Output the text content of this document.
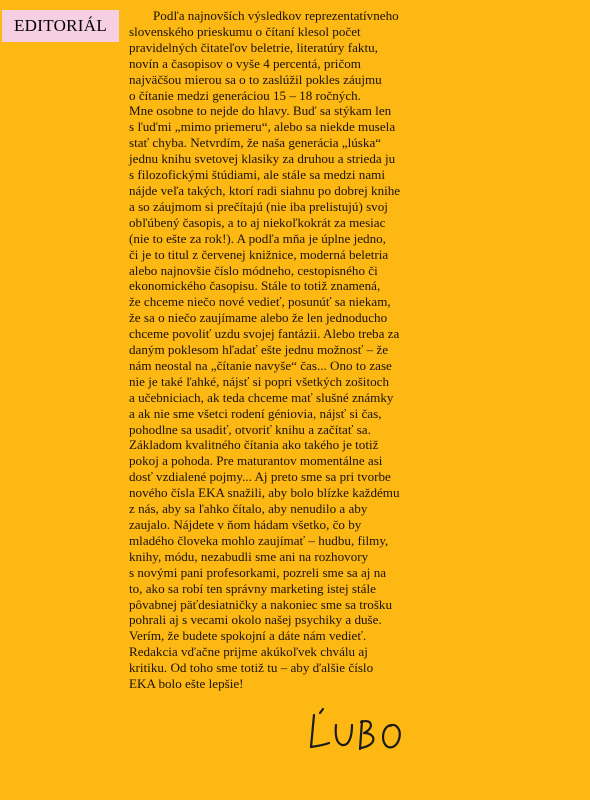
EDITORIÁL
Podľa najnovších výsledkov reprezentatívneho
slovenského prieskumu o čítaní klesol počet
pravidelných čitateľov beletrie, literatúry faktu,
novín a časopisov o vyše 4 percentá, pričom
najväčšou mierou sa o to zaslúžil pokles záujmu
o čítanie medzi generáciou 15 – 18 ročných.
Mne osobne to nejde do hlavy. Buď sa stýkam len
s ľuďmi „mimo priemeru“, alebo sa niekde musela
stať chyba. Netvrdím, že naša generácia „lúska“
jednu knihu svetovej klasiky za druhou a strieda ju
s filozofickými štúdiami, ale stále sa medzi nami
nájde veľa takých, ktorí radi siahnu po dobrej knihe
a so záujmom si prečítajú (nie iba prelistujú) svoj
obľúbený časopis, a to aj niekoľkokrát za mesiac
(nie to ešte za rok!). A podľa mňa je úplne jedno,
či je to titul z červenej knižnice, moderná beletria
alebo najnovšie číslo módneho, cestopisného či
ekonomického časopisu. Stále to totiž znamená,
že chceme niečo nové vedieť, posunúť sa niekam,
že sa o niečo zaujímame alebo že len jednoducho
chceme povoliť uzdu svojej fantázii. Alebo treba za
daným poklesom hľadať ešte jednu možnosť – že
nám neostal na „čítanie navyše“ čas... Ono to zase
nie je také ľahké, nájsť si popri všetkých zošitoch
a učebniciach, ak teda chceme mať slušné známky
a ak nie sme všetci rodení géniovia, nájsť si čas,
pohodlne sa usadiť, otvoriť knihu a začítať sa.
Základom kvalitného čítania ako takého je totiž
pokoj a pohoda. Pre maturantov momentálne asi
dosť vzdialené pojmy... Aj preto sme sa pri tvorbe
nového čísla EKA snažili, aby bolo blízke každému
z nás, aby sa ľahko čítalo, aby nenudilo a aby
zaujalo. Nájdete v ňom hádam všetko, čo by
mladého človeka mohlo zaujímať – hudbu, filmy,
knihy, módu, nezabudli sme ani na rozhovory
s novými pani profesorkami, pozreli sme sa aj na
to, ako sa robí ten správny marketing istej stále
pôvabnej päťdesiatničky a nakoniec sme sa trošku
pohrali aj s vecami okolo našej psychiky a duše.
Verím, že budete spokojní a dáte nám vedieť.
Redakcia vďačne prijme akúkoľvek chválu aj
kritiku. Od toho sme totiž tu – aby ďalšie číslo
EKA bolo ešte lepšie!
